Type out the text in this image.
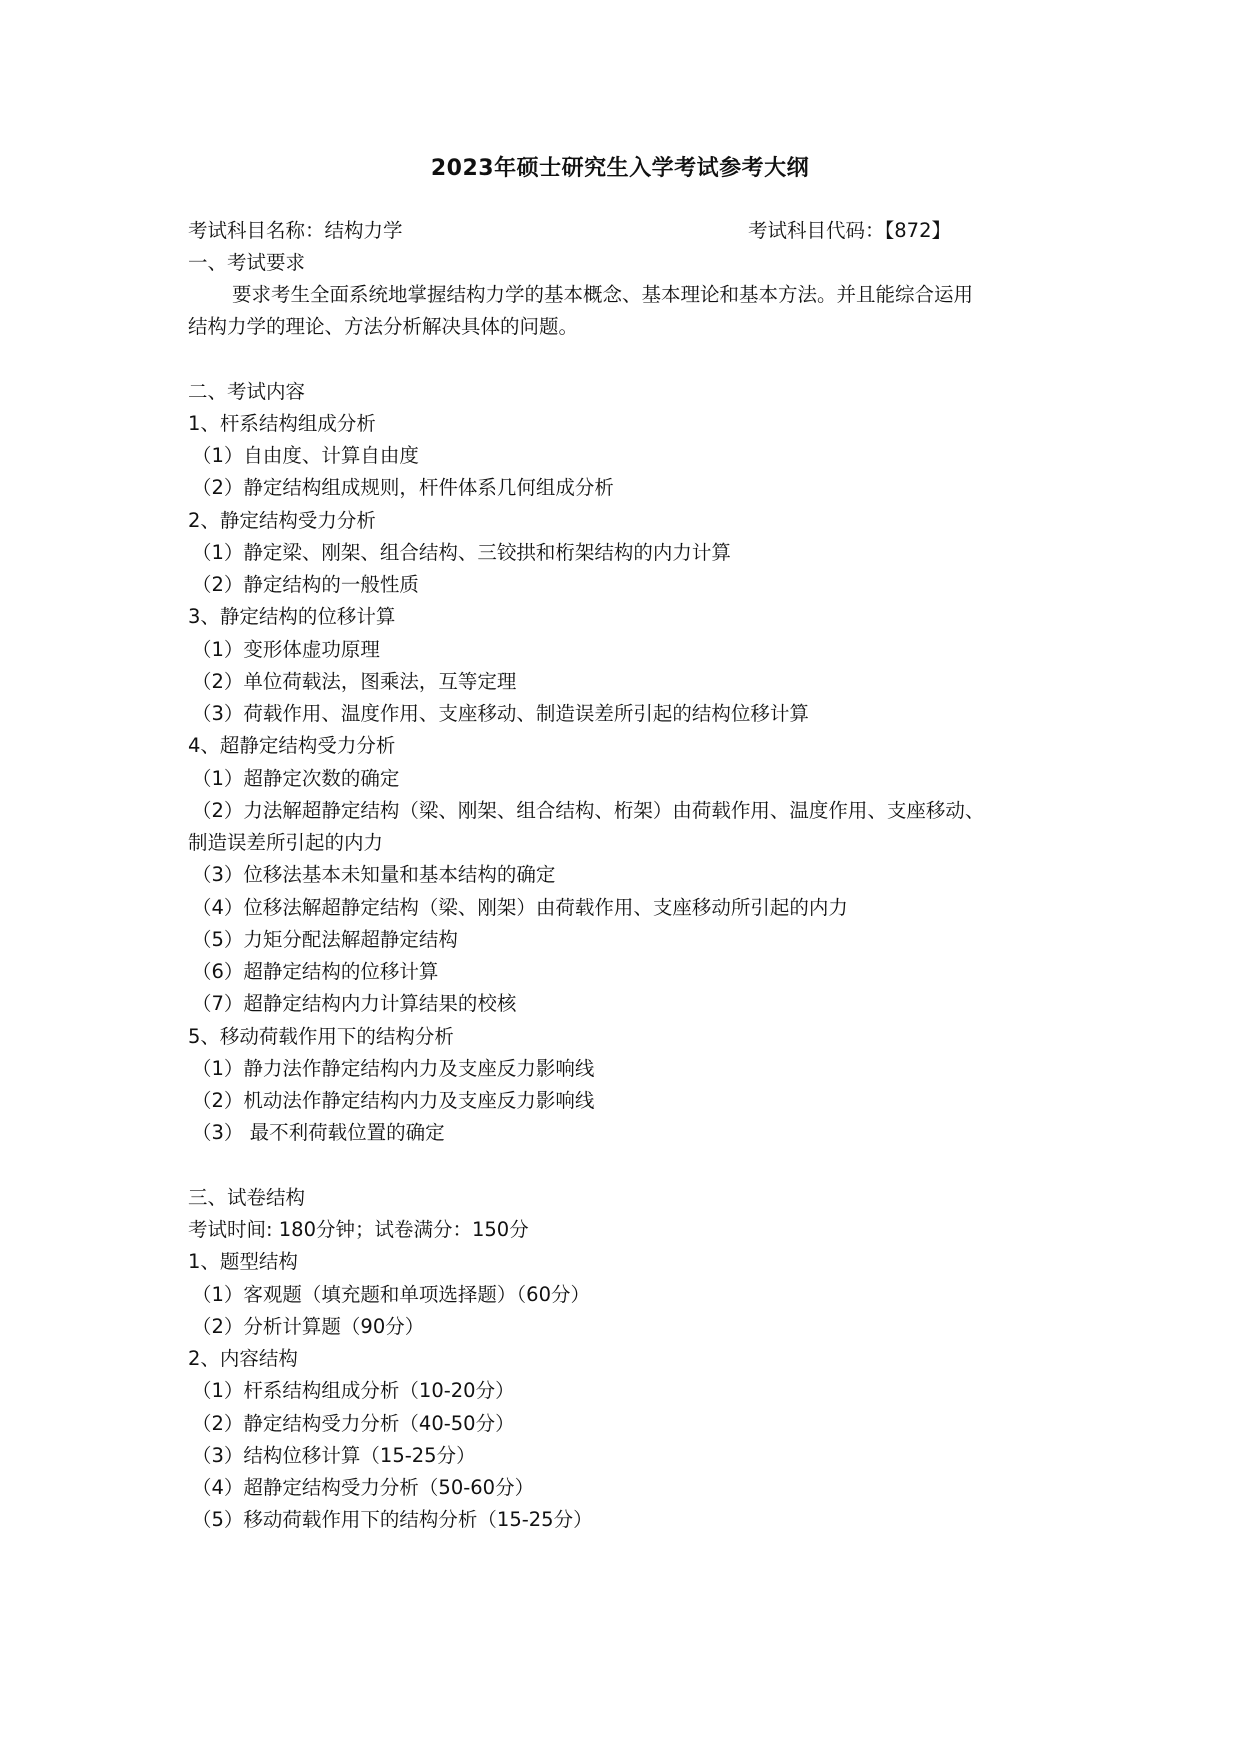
2023年硕士研究生入学考试参考大纲
考试科目名称：结构力学	考试科目代码：【872】
一、考试要求
要求考生全面系统地掌握结构力学的基本概念、基本理论和基本方法。并且能综合运用
结构力学的理论、方法分析解决具体的问题。
二、考试内容
1、杆系结构组成分析
（1）自由度、计算自由度
（2）静定结构组成规则，杆件体系几何组成分析
2、静定结构受力分析
（1）静定梁、刚架、组合结构、三铰拱和桁架结构的内力计算
（2）静定结构的一般性质
3、静定结构的位移计算
（1）变形体虚功原理
（2）单位荷载法，图乘法，互等定理
（3）荷载作用、温度作用、支座移动、制造误差所引起的结构位移计算
4、超静定结构受力分析
（1）超静定次数的确定
（2）力法解超静定结构（梁、刚架、组合结构、桁架）由荷载作用、温度作用、支座移动、
制造误差所引起的内力
（3）位移法基本未知量和基本结构的确定
（4）位移法解超静定结构（梁、刚架）由荷载作用、支座移动所引起的内力
（5）力矩分配法解超静定结构
（6）超静定结构的位移计算
（7）超静定结构内力计算结果的校核
5、移动荷载作用下的结构分析
（1）静力法作静定结构内力及支座反力影响线
（2）机动法作静定结构内力及支座反力影响线
（3） 最不利荷载位置的确定
三、试卷结构
考试时间: 180分钟；试卷满分：150分
1、题型结构
（1）客观题（填充题和单项选择题）（60分）
（2）分析计算题（90分）
2、内容结构
（1）杆系结构组成分析（10-20分）
（2）静定结构受力分析（40-50分）
（3）结构位移计算（15-25分）
（4）超静定结构受力分析（50-60分）
（5）移动荷载作用下的结构分析（15-25分）
